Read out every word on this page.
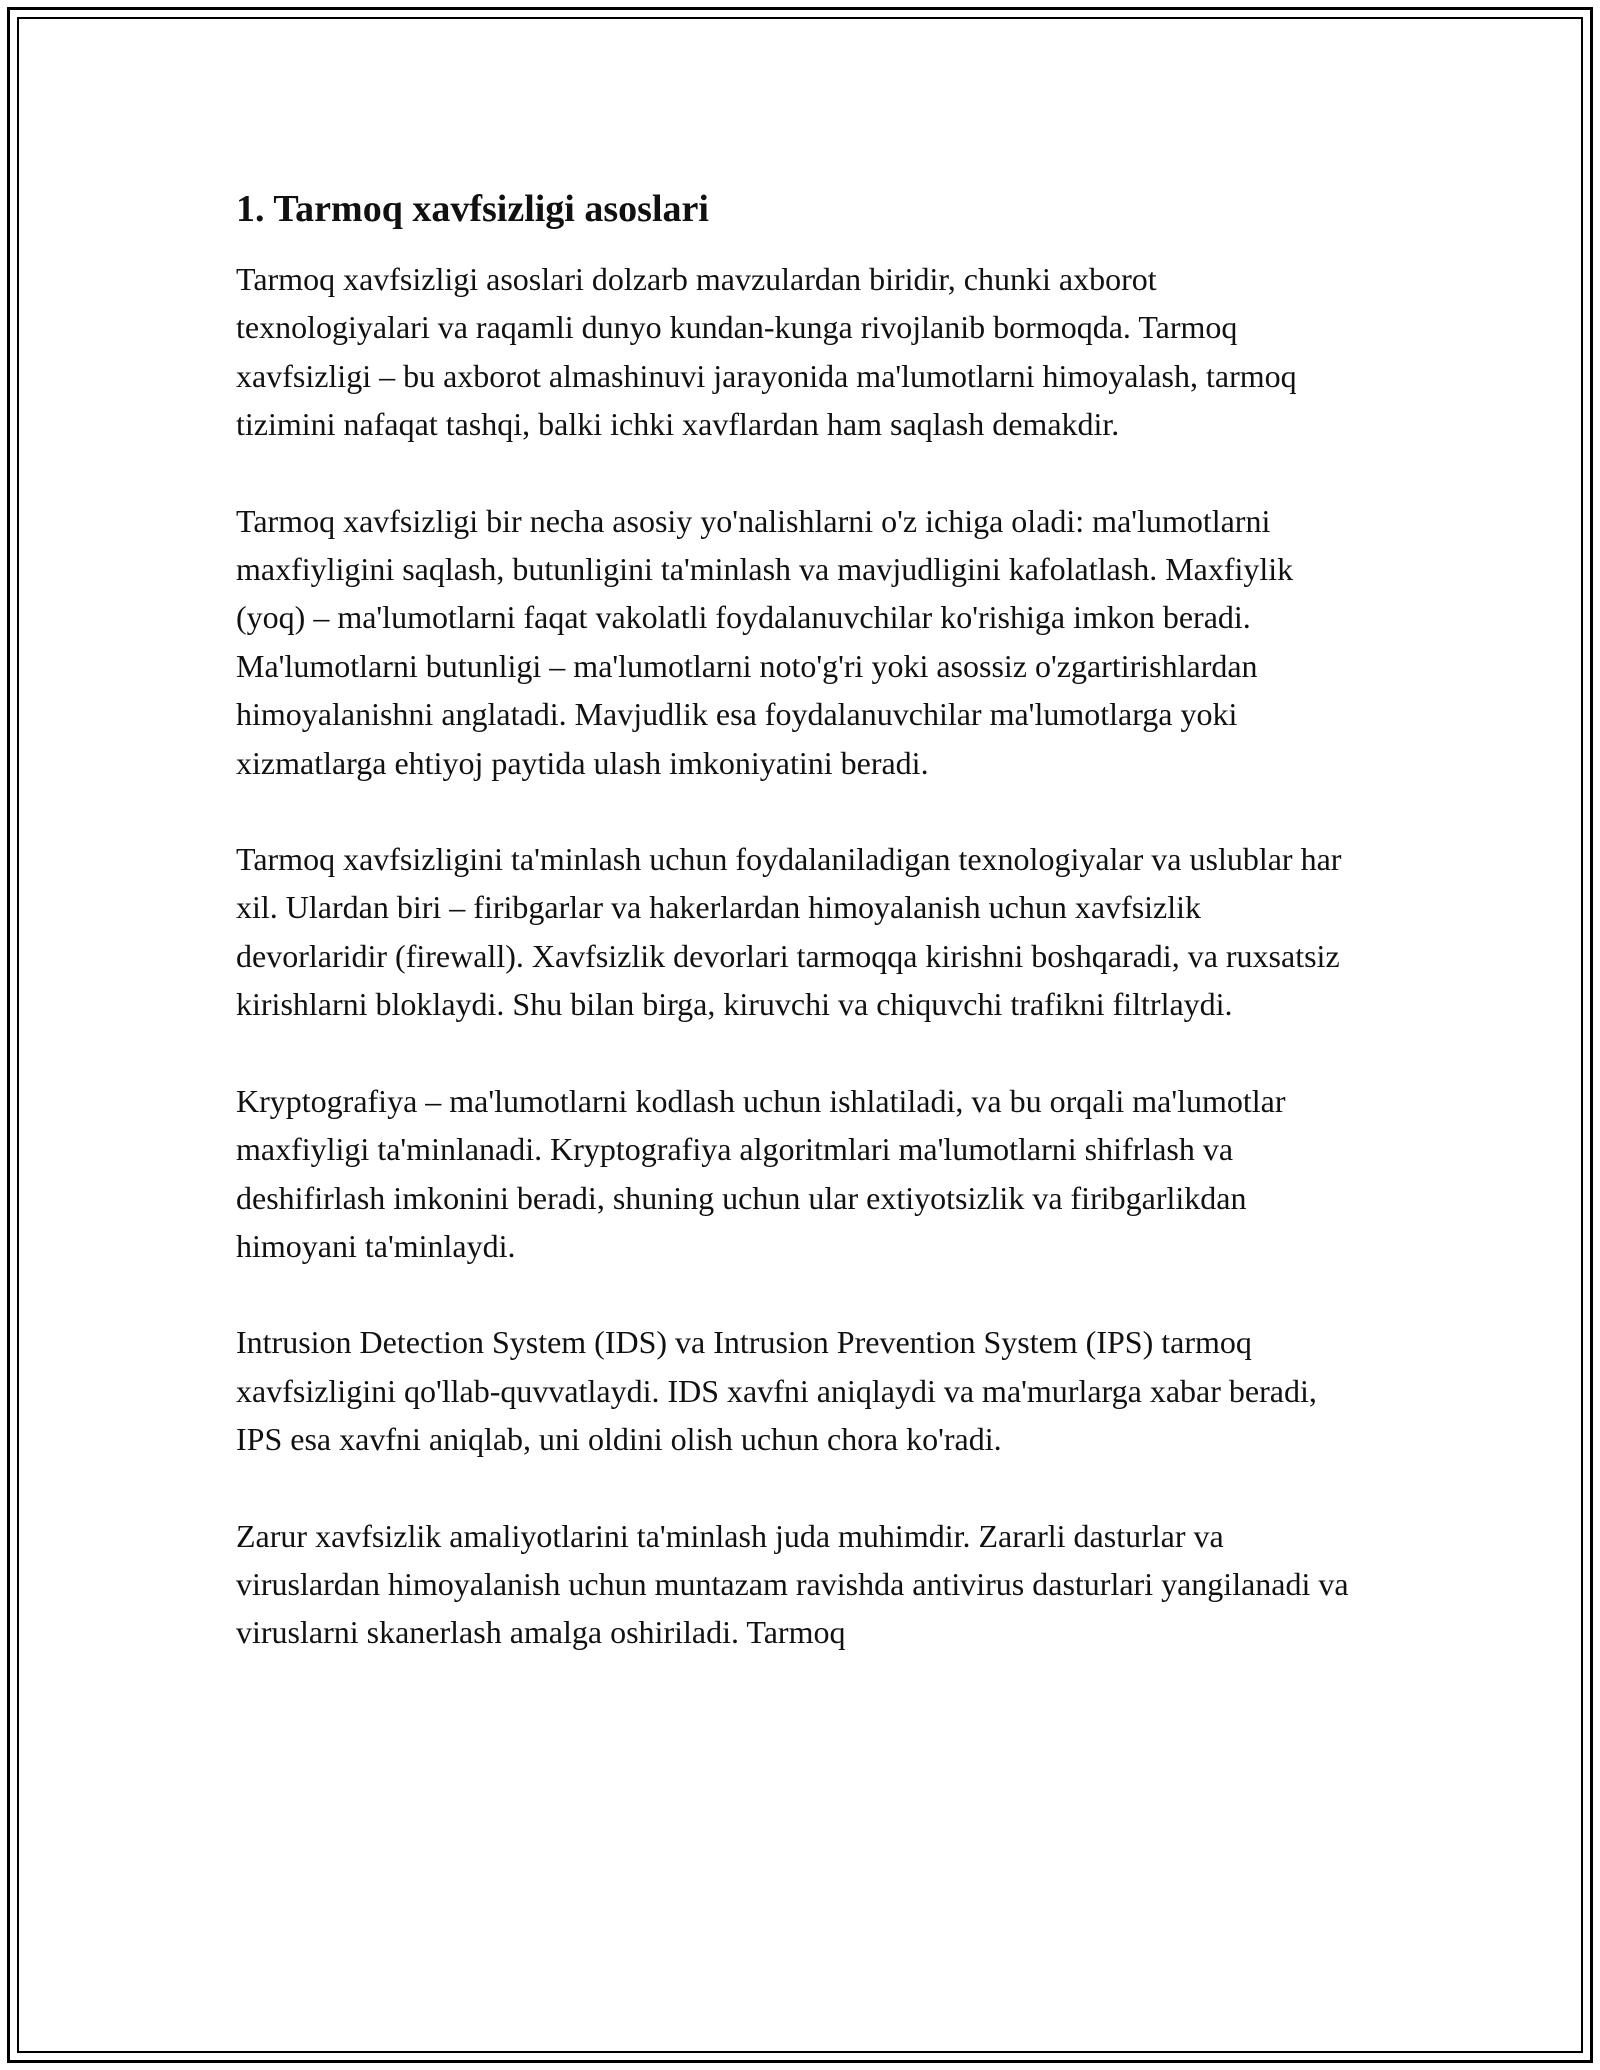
1. Tarmoq xavfsizligi asoslari

Tarmoq xavfsizligi asoslari dolzarb mavzulardan biridir, chunki axborot texnologiyalari va raqamli dunyo kundan-kunga rivojlanib bormoqda. Tarmoq xavfsizligi – bu axborot almashinuvi jarayonida ma'lumotlarni himoyalash, tarmoq tizimini nafaqat tashqi, balki ichki xavflardan ham saqlash demakdir.

Tarmoq xavfsizligi bir necha asosiy yo'nalishlarni o'z ichiga oladi: ma'lumotlarni maxfiyligini saqlash, butunligini ta'minlash va mavjudligini kafolatlash. Maxfiylik (yoq) – ma'lumotlarni faqat vakolatli foydalanuvchilar ko'rishiga imkon beradi. Ma'lumotlarni butunligi – ma'lumotlarni noto'g'ri yoki asossiz o'zgartirishlardan himoyalanishni anglatadi. Mavjudlik esa foydalanuvchilar ma'lumotlarga yoki xizmatlarga ehtiyoj paytida ulash imkoniyatini beradi.

Tarmoq xavfsizligini ta'minlash uchun foydalaniladigan texnologiyalar va uslublar har xil. Ulardan biri – firibgarlar va hakerlardan himoyalanish uchun xavfsizlik devorlaridir (firewall). Xavfsizlik devorlari tarmoqqa kirishni boshqaradi, va ruxsatsiz kirishlarni bloklaydi. Shu bilan birga, kiruvchi va chiquvchi trafikni filtrlaydi.

Kryptografiya – ma'lumotlarni kodlash uchun ishlatiladi, va bu orqali ma'lumotlar maxfiyligi ta'minlanadi. Kryptografiya algoritmlari ma'lumotlarni shifrlash va deshifirlash imkonini beradi, shuning uchun ular extiyotsizlik va firibgarlikdan himoyani ta'minlaydi.

Intrusion Detection System (IDS) va Intrusion Prevention System (IPS) tarmoq xavfsizligini qo'llab-quvvatlaydi. IDS xavfni aniqlaydi va ma'murlarga xabar beradi, IPS esa xavfni aniqlab, uni oldini olish uchun chora ko'radi.

Zarur xavfsizlik amaliyotlarini ta'minlash juda muhimdir. Zararli dasturlar va viruslardan himoyalanish uchun muntazam ravishda antivirus dasturlari yangilanadi va viruslarni skanerlash amalga oshiriladi. Tarmoq
